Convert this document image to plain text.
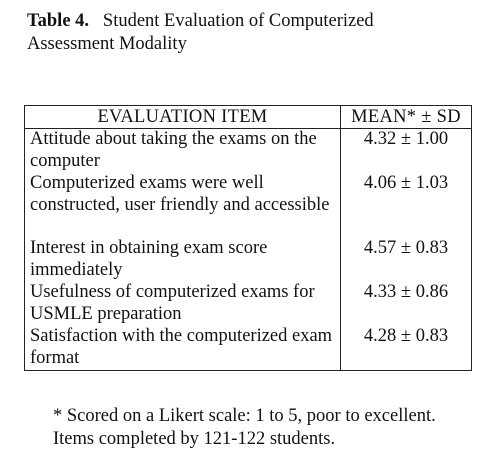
Table 4. Student Evaluation of Computerized
Assessment Modality
EVALUATION ITEM	MEAN* ± SD
Attitude about taking the exams on the computer	4.32 ± 1.00
Computerized exams were well constructed, user friendly and accessible	4.06 ± 1.03
Interest in obtaining exam score immediately	4.57 ± 0.83
Usefulness of computerized exams for USMLE preparation	4.33 ± 0.86
Satisfaction with the computerized exam format	4.28 ± 0.83
* Scored on a Likert scale: 1 to 5, poor to excellent.
Items completed by 121-122 students.
